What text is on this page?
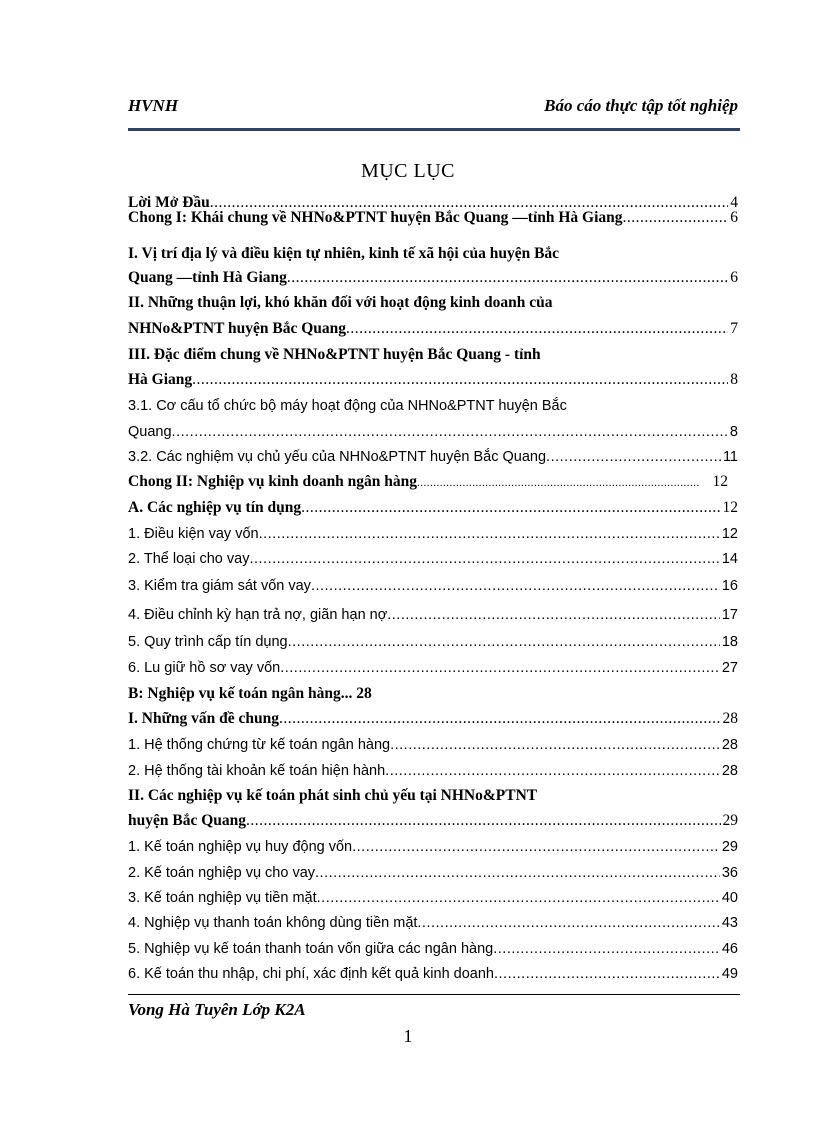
HVNH	Báo cáo thực tập tốt nghiệp
MỤC LỤC
Lời Mở Đầu .....	4
Chong I: Khái chung về NHNo&PTNT huyện Bắc Quang —tỉnh Hà Giang .....	6
I. Vị trí địa lý và điều kiện tự nhiên, kinh tế xã hội của huyện Bắc
Quang —tỉnh Hà Giang .....	6
II. Những thuận lợi, khó khăn đối với hoạt động kinh doanh của
NHNo&PTNT huyện Bắc Quang .....	7
III. Đặc điểm chung về NHNo&PTNT huyện Bắc Quang - tỉnh
Hà Giang .....	8
3.1. Cơ cấu tổ chức bộ máy hoạt động của NHNo&PTNT huyện Bắc
Quang .....	8
3.2. Các nghiệm vụ chủ yếu của NHNo&PTNT huyện Bắc Quang .....	11
Chong II: Nghiệp vụ kinh doanh ngân hàng .....	12
A. Các nghiệp vụ tín dụng .....	12
1. Điều kiện vay vốn .....	12
2. Thể loại cho vay .....	14
3. Kiểm tra giám sát vốn vay .....	16
4. Điều chỉnh kỳ hạn trả nợ, giãn hạn nợ .....	17
5. Quy trình cấp tín dụng .....	18
6. Lu giữ hồ sơ vay vốn .....	27
B: Nghiệp vụ kế toán ngân hàng... 28
I. Những vấn đề chung .....	28
1. Hệ thống chứng từ kế toán ngân hàng .....	28
2. Hệ thống tài khoản kế toán hiện hành .....	28
II. Các nghiệp vụ kế toán phát sinh chủ yếu tại NHNo&PTNT
huyện Bắc Quang .....	29
1. Kế toán nghiệp vụ huy động vốn .....	29
2. Kế toán nghiệp vụ cho vay .....	36
3. Kế toán nghiệp vụ tiền mặt .....	40
4. Nghiệp vụ thanh toán không dùng tiền mặt .....	43
5. Nghiệp vụ kế toán thanh toán vốn giữa các ngân hàng .....	46
6. Kế toán thu nhập, chi phí, xác định kết quả kinh doanh .....	49
Vong Hà Tuyên Lớp K2A
1
